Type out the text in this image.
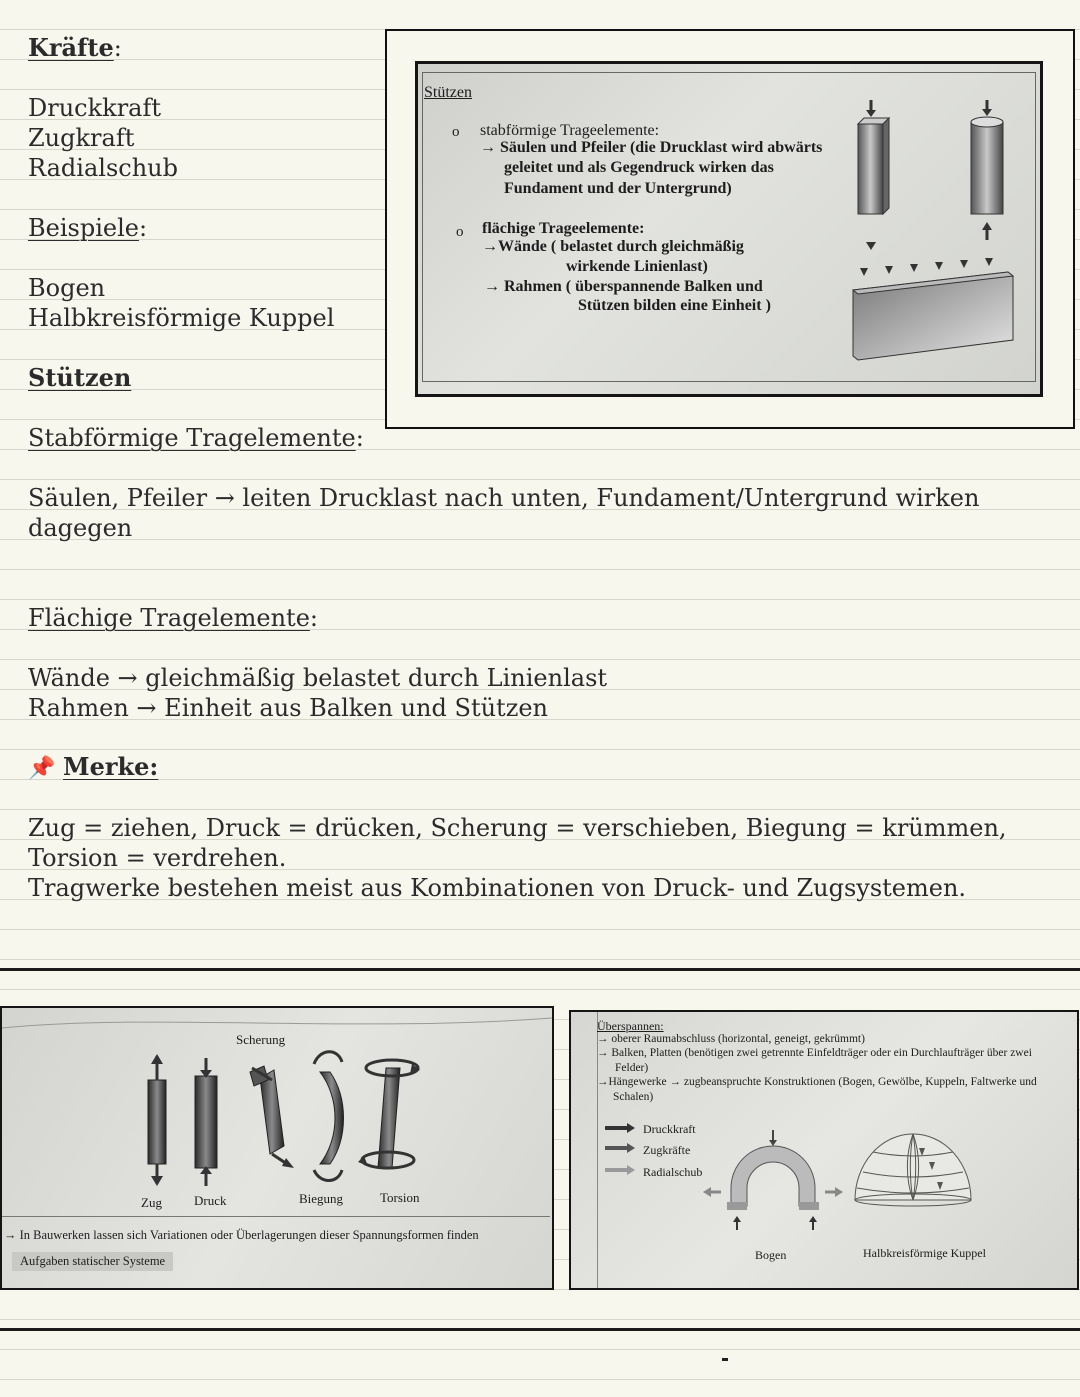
Kräfte:
Druckkraft
Zugkraft
Radialschub
Beispiele:
Bogen
Halbkreisförmige Kuppel
Stützen
Stabförmige Tragelemente:
Säulen, Pfeiler → leiten Drucklast nach unten, Fundament/Untergrund wirken
dagegen
Flächige Tragelemente:
Wände → gleichmäßig belastet durch Linienlast
Rahmen → Einheit aus Balken und Stützen
📌 Merke:
Zug = ziehen, Druck = drücken, Scherung = verschieben, Biegung = krümmen,
Torsion = verdrehen.
Tragwerke bestehen meist aus Kombinationen von Druck- und Zugsystemen.
Stützen
o stabförmige Trageelemente:
→ Säulen und Pfeiler (die Drucklast wird abwärts
geleitet und als Gegendruck wirken das
Fundament und der Untergrund)
o flächige Trageelemente:
→Wände ( belastet durch gleichmäßig
wirkende Linienlast)
→ Rahmen ( überspannende Balken und
Stützen bilden eine Einheit )
Scherung
Zug Druck	Biegung	Torsion
→ In Bauwerken lassen sich Variationen oder Überlagerungen dieser Spannungsformen finden
Aufgaben statischer Systeme
Überspannen:
→ oberer Raumabschluss (horizontal, geneigt, gekrümmt)
→ Balken, Platten (benötigen zwei getrennte Einfeldträger oder ein Durchlaufträger über zwei
Felder)
→Hängewerke → zugbeanspruchte Konstruktionen (Bogen, Gewölbe, Kuppeln, Faltwerke und
Schalen)
Druckkraft
Zugkräfte
Radialschub
Bogen	Halbkreisförmige Kuppel
